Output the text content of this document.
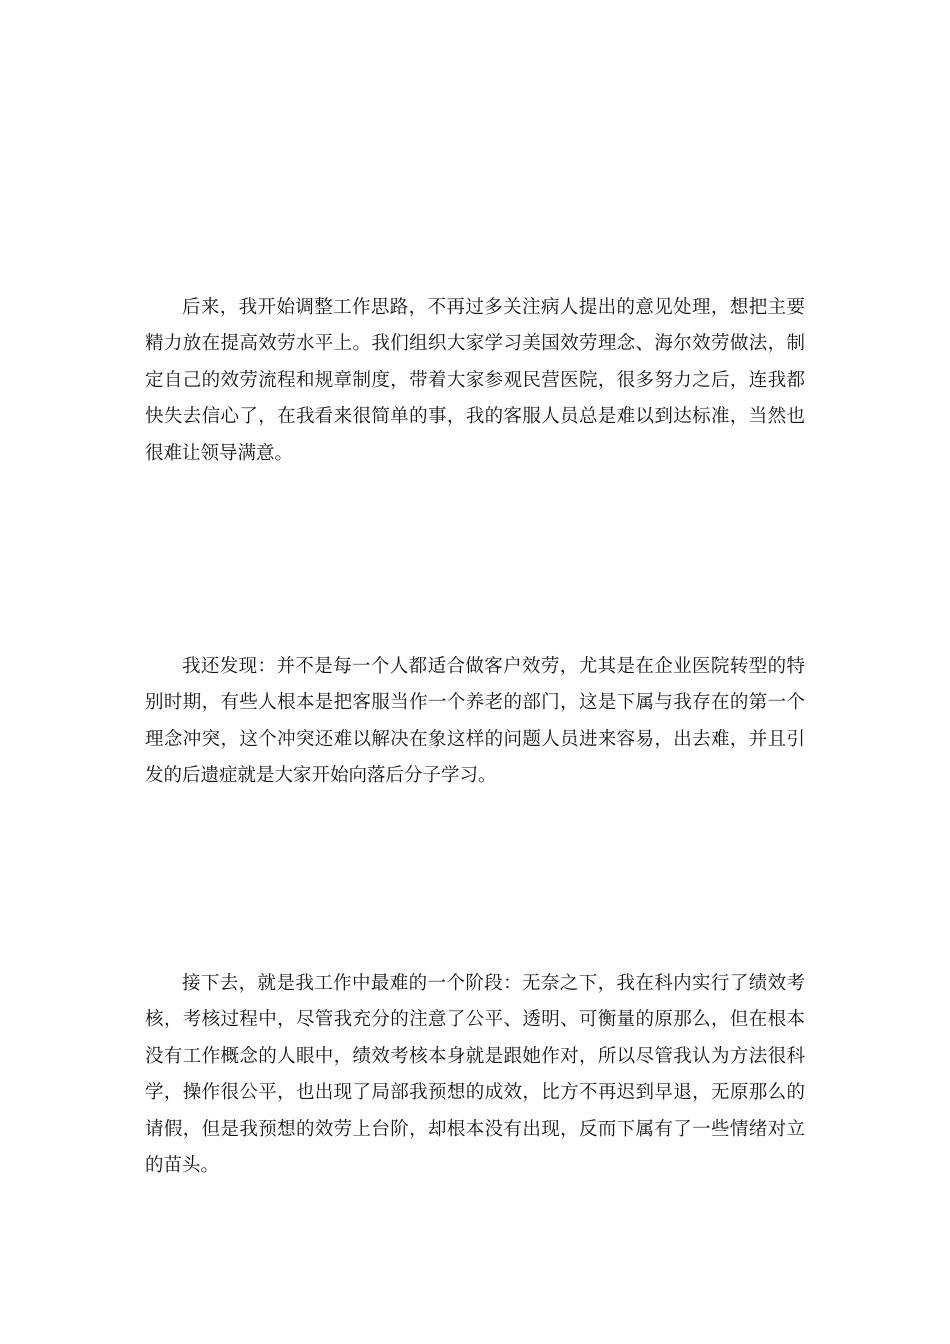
后来，我开始调整工作思路，不再过多关注病人提出的意见处理，想把主要精力放在提高效劳水平上。我们组织大家学习美国效劳理念、海尔效劳做法，制定自己的效劳流程和规章制度，带着大家参观民营医院，很多努力之后，连我都快失去信心了，在我看来很简单的事，我的客服人员总是难以到达标准，当然也很难让领导满意。

我还发现：并不是每一个人都适合做客户效劳，尤其是在企业医院转型的特别时期，有些人根本是把客服当作一个养老的部门，这是下属与我存在的第一个理念冲突，这个冲突还难以解决在象这样的问题人员进来容易，出去难，并且引发的后遗症就是大家开始向落后分子学习。

接下去，就是我工作中最难的一个阶段：无奈之下，我在科内实行了绩效考核，考核过程中，尽管我充分的注意了公平、透明、可衡量的原那么，但在根本没有工作概念的人眼中，绩效考核本身就是跟她作对，所以尽管我认为方法很科学，操作很公平，也出现了局部我预想的成效，比方不再迟到早退，无原那么的请假，但是我预想的效劳上台阶，却根本没有出现，反而下属有了一些情绪对立的苗头。
